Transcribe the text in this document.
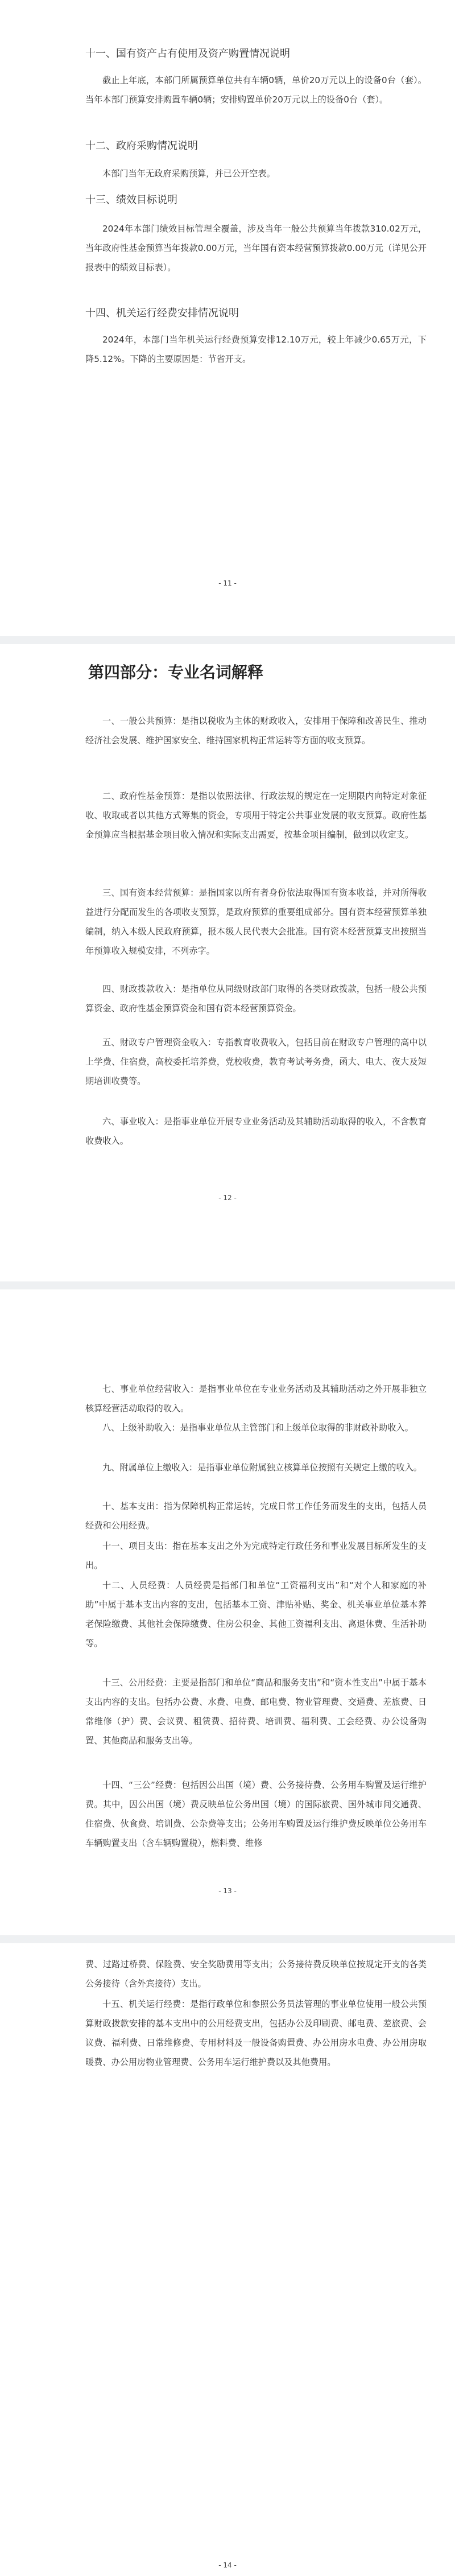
十一、国有资产占有使用及资产购置情况说明

截止上年底，本部门所属预算单位共有车辆0辆，单价20万元以上的设备0台（套）。当年本部门预算安排购置车辆0辆；安排购置单价20万元以上的设备0台（套）。

十二、政府采购情况说明

本部门当年无政府采购预算，并已公开空表。

十三、绩效目标说明

2024年本部门绩效目标管理全覆盖，涉及当年一般公共预算当年拨款310.02万元，当年政府性基金预算当年拨款0.00万元，当年国有资本经营预算拨款0.00万元（详见公开报表中的绩效目标表）。

十四、机关运行经费安排情况说明

2024年，本部门当年机关运行经费预算安排12.10万元，较上年减少0.65万元，下降5.12%。下降的主要原因是：节省开支。

- 11 -
第四部分：专业名词解释

一、一般公共预算：是指以税收为主体的财政收入，安排用于保障和改善民生、推动经济社会发展、维护国家安全、维持国家机构正常运转等方面的收支预算。

二、政府性基金预算：是指以依照法律、行政法规的规定在一定期限内向特定对象征收、收取或者以其他方式筹集的资金，专项用于特定公共事业发展的收支预算。政府性基金预算应当根据基金项目收入情况和实际支出需要，按基金项目编制，做到以收定支。

三、国有资本经营预算：是指国家以所有者身份依法取得国有资本收益，并对所得收益进行分配而发生的各项收支预算，是政府预算的重要组成部分。国有资本经营预算单独编制，纳入本级人民政府预算，报本级人民代表大会批准。国有资本经营预算支出按照当年预算收入规模安排，不列赤字。

四、财政拨款收入：是指单位从同级财政部门取得的各类财政拨款，包括一般公共预算资金、政府性基金预算资金和国有资本经营预算资金。

五、财政专户管理资金收入：专指教育收费收入，包括目前在财政专户管理的高中以上学费、住宿费，高校委托培养费，党校收费，教育考试考务费，函大、电大、夜大及短期培训收费等。

六、事业收入：是指事业单位开展专业业务活动及其辅助活动取得的收入，不含教育收费收入。

- 12 -

七、事业单位经营收入：是指事业单位在专业业务活动及其辅助活动之外开展非独立核算经营活动取得的收入。

八、上级补助收入：是指事业单位从主管部门和上级单位取得的非财政补助收入。

九、附属单位上缴收入：是指事业单位附属独立核算单位按照有关规定上缴的收入。

十、基本支出：指为保障机构正常运转，完成日常工作任务而发生的支出，包括人员经费和公用经费。

十一、项目支出：指在基本支出之外为完成特定行政任务和事业发展目标所发生的支出。

十二、人员经费：人员经费是指部门和单位“工资福利支出”和“对个人和家庭的补助”中属于基本支出内容的支出，包括基本工资、津贴补贴、奖金、机关事业单位基本养老保险缴费、其他社会保障缴费、住房公积金、其他工资福利支出、离退休费、生活补助等。

十三、公用经费：主要是指部门和单位“商品和服务支出”和“资本性支出”中属于基本支出内容的支出。包括办公费、水费、电费、邮电费、物业管理费、交通费、差旅费、日常维修（护）费、会议费、租赁费、招待费、培训费、福利费、工会经费、办公设备购置、其他商品和服务支出等。

十四、“三公”经费：包括因公出国（境）费、公务接待费、公务用车购置及运行维护费。其中，因公出国（境）费反映单位公务出国（境）的国际旅费、国外城市间交通费、住宿费、伙食费、培训费、公杂费等支出；公务用车购置及运行维护费反映单位公务用车车辆购置支出（含车辆购置税），燃料费、维修

- 13 -

费、过路过桥费、保险费、安全奖励费用等支出；公务接待费反映单位按规定开支的各类公务接待（含外宾接待）支出。

十五、机关运行经费：是指行政单位和参照公务员法管理的事业单位使用一般公共预算财政拨款安排的基本支出中的公用经费支出，包括办公及印刷费、邮电费、差旅费、会议费、福利费、日常维修费、专用材料及一般设备购置费、办公用房水电费、办公用房取暖费、办公用房物业管理费、公务用车运行维护费以及其他费用。

- 14 -
